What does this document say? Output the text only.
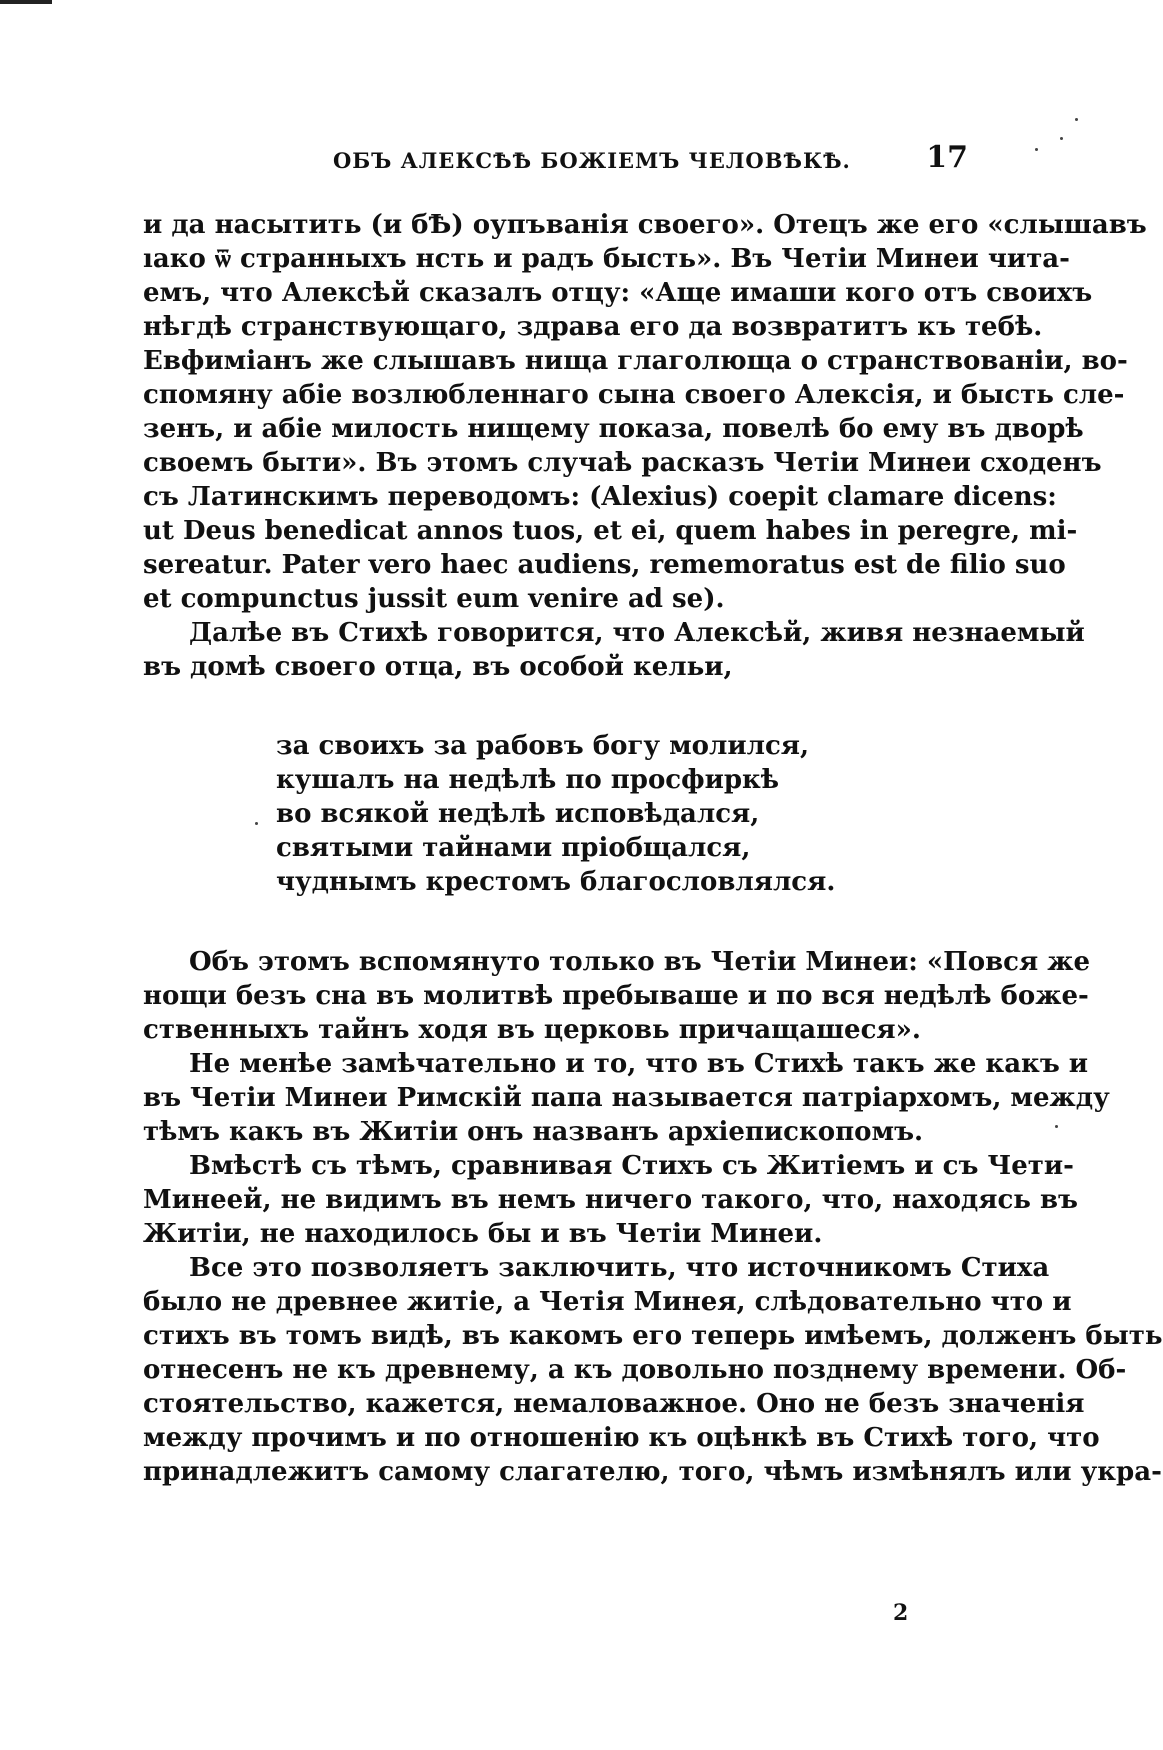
ОБЪ АЛЕКСѢѢ БОЖІЕМЪ ЧЕЛОВѢКѢ.	17
и да насытить (и бѢ) оупъванія своего». Отецъ же его «слышавъ
ıако ѿ странныхъ нсть и радъ бысть». Въ Четіи Минеи чита-
емъ, что Алексѣй сказалъ отцу: «Аще имаши кого отъ своихъ
нѣгдѣ странствующаго, здрава его да возвратитъ къ тебѣ.
Евфиміанъ же слышавъ нища глаголюща о странствованіи, во-
спомяну абіе возлюбленнаго сына своего Алексія, и бысть сле-
зенъ, и абіе милость нищему показа, повелѣ бо ему въ дворѣ
своемъ быти». Въ этомъ случаѣ расказъ Четіи Минеи сходенъ
съ Латинскимъ переводомъ: (Alexius) coepit clamare dicens:
ut Deus benedicat annos tuos, et ei, quem habes in peregre, mi-
sereatur. Pater vero haec audiens, rememoratus est de filio suo
et compunctus jussit eum venire ad se).
Далѣе въ Стихѣ говорится, что Алексѣй, живя незнаемый
въ домѣ своего отца, въ особой кельи,
за своихъ за рабовъ богу молился,
кушалъ на недѣлѣ по просфиркѣ
во всякой недѣлѣ исповѣдался,
святыми тайнами пріобщался,
чуднымъ крестомъ благословлялся.
Объ этомъ вспомянуто только въ Четіи Минеи: «Повся же
нощи безъ сна въ молитвѣ пребываше и по вся недѣлѣ боже-
ственныхъ тайнъ ходя въ церковь причащашеся».
Не менѣе замѣчательно и то, что въ Стихѣ такъ же какъ и
въ Четіи Минеи Римскій папа называется патріархомъ, между
тѣмъ какъ въ Житіи онъ названъ архіепископомъ.
Вмѣстѣ съ тѣмъ, сравнивая Стихъ съ Житіемъ и съ Чети-
Минеей, не видимъ въ немъ ничего такого, что, находясь въ
Житіи, не находилось бы и въ Четіи Минеи.
Все это позволяетъ заключить, что источникомъ Стиха
было не древнее житіе, а Четія Минея, слѣдовательно что и
стихъ въ томъ видѣ, въ какомъ его теперь имѣемъ, долженъ быть
отнесенъ не къ древнему, а къ довольно позднему времени. Об-
стоятельство, кажется, немаловажное. Оно не безъ значенія
между прочимъ и по отношенію къ оцѣнкѣ въ Стихѣ того, что
принадлежитъ самому слагателю, того, чѣмъ измѣнялъ или укра-
2
